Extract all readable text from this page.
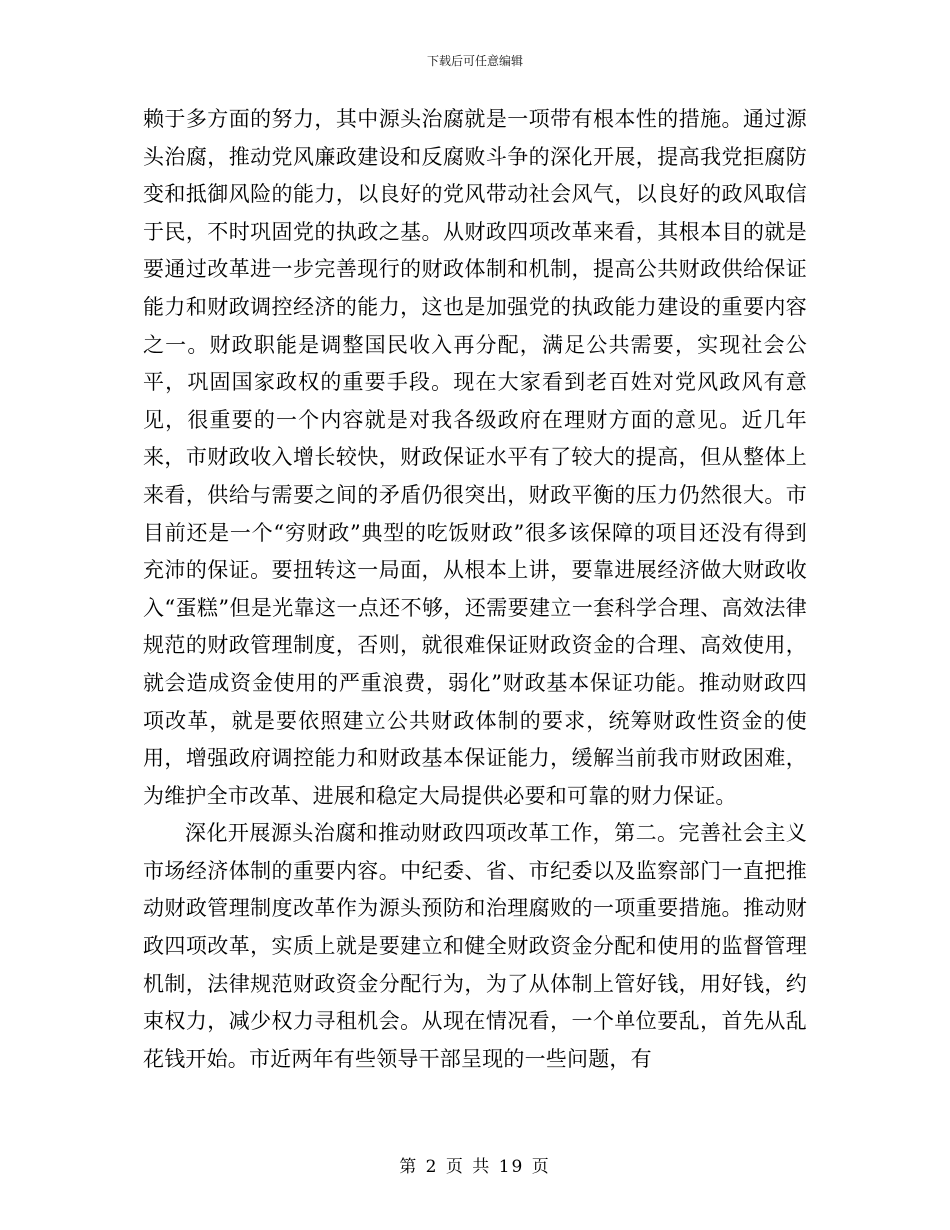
下载后可任意编辑

赖于多方面的努力，其中源头治腐就是一项带有根本性的措施。通过源头治腐，推动党风廉政建设和反腐败斗争的深化开展，提高我党拒腐防变和抵御风险的能力，以良好的党风带动社会风气，以良好的政风取信于民，不时巩固党的执政之基。从财政四项改革来看，其根本目的就是要通过改革进一步完善现行的财政体制和机制，提高公共财政供给保证能力和财政调控经济的能力，这也是加强党的执政能力建设的重要内容之一。财政职能是调整国民收入再分配，满足公共需要，实现社会公平，巩固国家政权的重要手段。现在大家看到老百姓对党风政风有意见，很重要的一个内容就是对我各级政府在理财方面的意见。近几年来，市财政收入增长较快，财政保证水平有了较大的提高，但从整体上来看，供给与需要之间的矛盾仍很突出，财政平衡的压力仍然很大。市目前还是一个“穷财政”典型的吃饭财政”很多该保障的项目还没有得到充沛的保证。要扭转这一局面，从根本上讲，要靠进展经济做大财政收入“蛋糕”但是光靠这一点还不够，还需要建立一套科学合理、高效法律规范的财政管理制度，否则，就很难保证财政资金的合理、高效使用，就会造成资金使用的严重浪费，弱化”财政基本保证功能。推动财政四项改革，就是要依照建立公共财政体制的要求，统筹财政性资金的使用，增强政府调控能力和财政基本保证能力，缓解当前我市财政困难，为维护全市改革、进展和稳定大局提供必要和可靠的财力保证。

深化开展源头治腐和推动财政四项改革工作，第二。完善社会主义市场经济体制的重要内容。中纪委、省、市纪委以及监察部门一直把推动财政管理制度改革作为源头预防和治理腐败的一项重要措施。推动财政四项改革，实质上就是要建立和健全财政资金分配和使用的监督管理机制，法律规范财政资金分配行为，为了从体制上管好钱，用好钱，约束权力，减少权力寻租机会。从现在情况看，一个单位要乱，首先从乱花钱开始。市近两年有些领导干部呈现的一些问题，有

第 2 页 共 19 页
